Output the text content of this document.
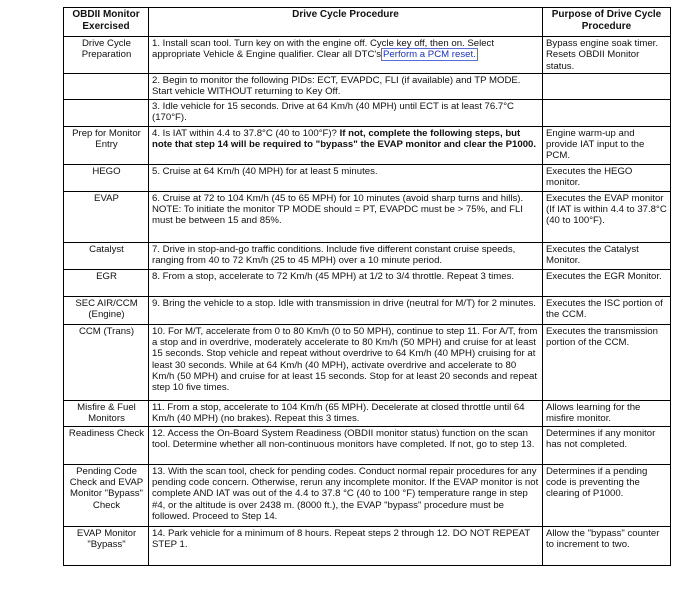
OBDII Monitor Exercised	Drive Cycle Procedure	Purpose of Drive Cycle Procedure
Drive Cycle Preparation	1. Install scan tool. Turn key on with the engine off. Cycle key off, then on. Select appropriate Vehicle & Engine qualifier. Clear all DTC's Perform a PCM reset.	Bypass engine soak timer. Resets OBDII Monitor status.
	2. Begin to monitor the following PIDs: ECT, EVAPDC, FLI (if available) and TP MODE. Start vehicle WITHOUT returning to Key Off.	
	3. Idle vehicle for 15 seconds. Drive at 64 Km/h (40 MPH) until ECT is at least 76.7°C (170°F).	
Prep for Monitor Entry	4. Is IAT within 4.4 to 37.8°C (40 to 100°F)? If not, complete the following steps, but note that step 14 will be required to "bypass" the EVAP monitor and clear the P1000.	Engine warm-up and provide IAT input to the PCM.
HEGO	5. Cruise at 64 Km/h (40 MPH) for at least 5 minutes.	Executes the HEGO monitor.
EVAP	6. Cruise at 72 to 104 Km/h (45 to 65 MPH) for 10 minutes (avoid sharp turns and hills). NOTE: To initiate the monitor TP MODE should = PT, EVAPDC must be > 75%, and FLI must be between 15 and 85%.	Executes the EVAP monitor (If IAT is within 4.4 to 37.8°C (40 to 100°F).
Catalyst	7. Drive in stop-and-go traffic conditions. Include five different constant cruise speeds, ranging from 40 to 72 Km/h (25 to 45 MPH) over a 10 minute period.	Executes the Catalyst Monitor.
EGR	8. From a stop, accelerate to 72 Km/h (45 MPH) at 1/2 to 3/4 throttle. Repeat 3 times.	Executes the EGR Monitor.
SEC AIR/CCM (Engine)	9. Bring the vehicle to a stop. Idle with transmission in drive (neutral for M/T) for 2 minutes.	Executes the ISC portion of the CCM.
CCM (Trans)	10. For M/T, accelerate from 0 to 80 Km/h (0 to 50 MPH), continue to step 11. For A/T, from a stop and in overdrive, moderately accelerate to 80 Km/h (50 MPH) and cruise for at least 15 seconds. Stop vehicle and repeat without overdrive to 64 Km/h (40 MPH) cruising for at least 30 seconds. While at 64 Km/h (40 MPH), activate overdrive and accelerate to 80 Km/h (50 MPH) and cruise for at least 15 seconds. Stop for at least 20 seconds and repeat step 10 five times.	Executes the transmission portion of the CCM.
Misfire & Fuel Monitors	11. From a stop, accelerate to 104 Km/h (65 MPH). Decelerate at closed throttle until 64 Km/h (40 MPH) (no brakes). Repeat this 3 times.	Allows learning for the misfire monitor.
Readiness Check	12. Access the On-Board System Readiness (OBDII monitor status) function on the scan tool. Determine whether all non-continuous monitors have completed. If not, go to step 13.	Determines if any monitor has not completed.
Pending Code Check and EVAP Monitor "Bypass" Check	13. With the scan tool, check for pending codes. Conduct normal repair procedures for any pending code concern. Otherwise, rerun any incomplete monitor. If the EVAP monitor is not complete AND IAT was out of the 4.4 to 37.8 °C (40 to 100 °F) temperature range in step #4, or the altitude is over 2438 m. (8000 ft.), the EVAP "bypass" procedure must be followed. Proceed to Step 14.	Determines if a pending code is preventing the clearing of P1000.
EVAP Monitor "Bypass"	14. Park vehicle for a minimum of 8 hours. Repeat steps 2 through 12. DO NOT REPEAT STEP 1.	Allow the "bypass" counter to increment to two.
